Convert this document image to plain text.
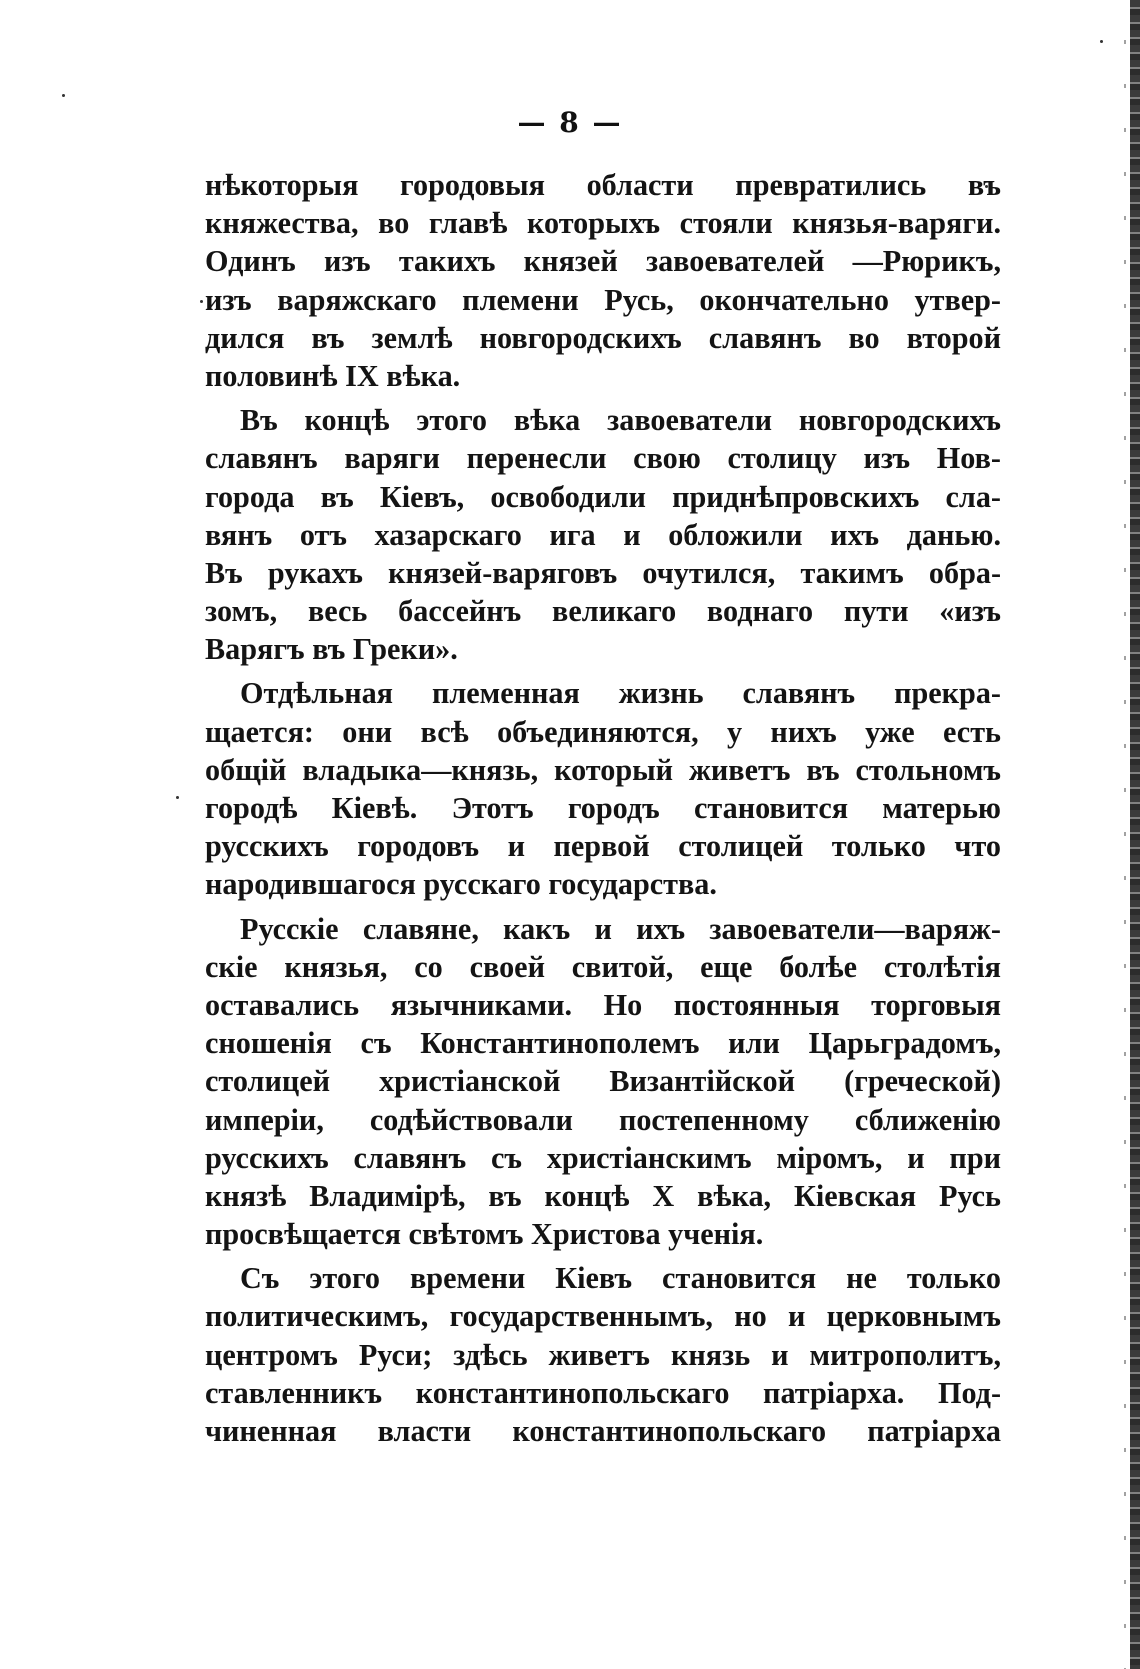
— 8 —
нѣкоторыя городовыя области превратились въ
княжества, во главѣ которыхъ стояли князья-варяги.
Одинъ изъ такихъ князей завоевателей —Рюрикъ,
изъ варяжскаго племени Русь, окончательно утвер-
дился въ землѣ новгородскихъ славянъ во второй
половинѣ IX вѣка.
Въ концѣ этого вѣка завоеватели новгородскихъ
славянъ варяги перенесли свою столицу изъ Нов-
города въ Кіевъ, освободили приднѣпровскихъ сла-
вянъ отъ хазарскаго ига и обложили ихъ данью.
Въ рукахъ князей-варяговъ очутился, такимъ обра-
зомъ, весь бассейнъ великаго воднаго пути «изъ
Варягъ въ Греки».
Отдѣльная племенная жизнь славянъ прекра-
щается: они всѣ объединяются, у нихъ уже есть
общій владыка—князь, который живетъ въ стольномъ
городѣ Кіевѣ. Этотъ городъ становится матерью
русскихъ городовъ и первой столицей только что
народившагося русскаго государства.
Русскіе славяне, какъ и ихъ завоеватели—варяж-
скіе князья, со своей свитой, еще болѣе столѣтія
оставались язычниками. Но постоянныя торговыя
сношенія съ Константинополемъ или Царьградомъ,
столицей христіанской Византійской (греческой)
имперіи, содѣйствовали постепенному сближенію
русскихъ славянъ съ христіанскимъ міромъ, и при
князѣ Владимірѣ, въ концѣ X вѣка, Кіевская Русь
просвѣщается свѣтомъ Христова ученія.
Съ этого времени Кіевъ становится не только
политическимъ, государственнымъ, но и церковнымъ
центромъ Руси; здѣсь живетъ князь и митрополитъ,
ставленникъ константинопольскаго патріарха. Под-
чиненная власти константинопольскаго патріарха
